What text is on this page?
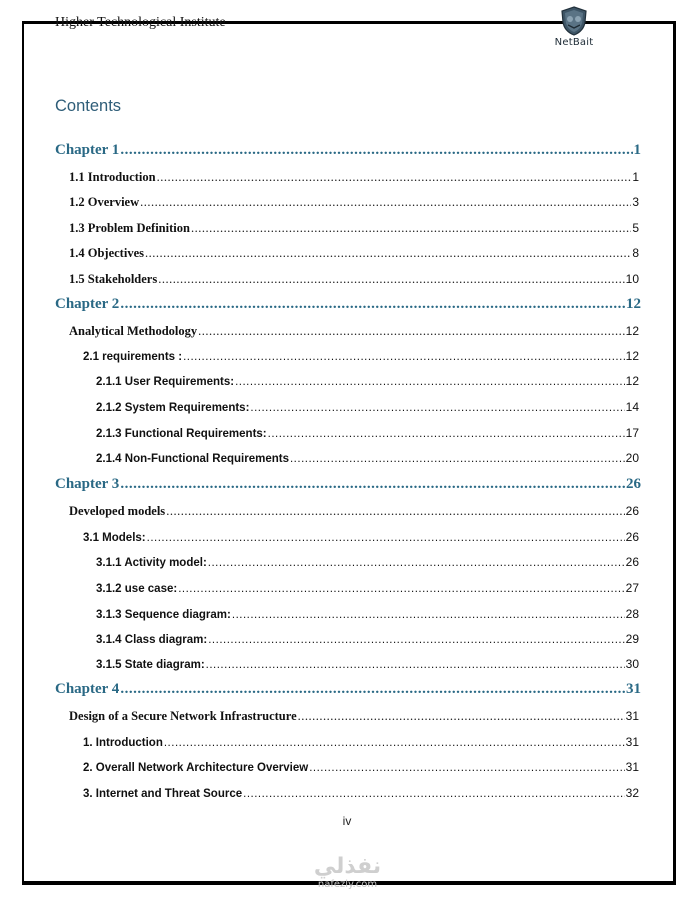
Higher Technological Institute
NetBait
Contents
Chapter 1 .....	1
1.1 Introduction .....	1
1.2 Overview .....	3
1.3 Problem Definition .....	5
1.4 Objectives .....	8
1.5 Stakeholders .....	10
Chapter 2 .....	12
Analytical Methodology .....	12
2.1 requirements : .....	12
2.1.1 User Requirements: .....	12
2.1.2 System Requirements: .....	14
2.1.3 Functional Requirements: .....	17
2.1.4 Non-Functional Requirements .....	20
Chapter 3 .....	26
Developed models .....	26
3.1 Models: .....	26
3.1.1 Activity model: .....	26
3.1.2 use case: .....	27
3.1.3 Sequence diagram: .....	28
3.1.4 Class diagram: .....	29
3.1.5 State diagram: .....	30
Chapter 4 .....	31
Design of a Secure Network Infrastructure .....	31
1. Introduction .....	31
2. Overall Network Architecture Overview .....	31
3. Internet and Threat Source .....	32
iv
نفذلي
nafezly.com
